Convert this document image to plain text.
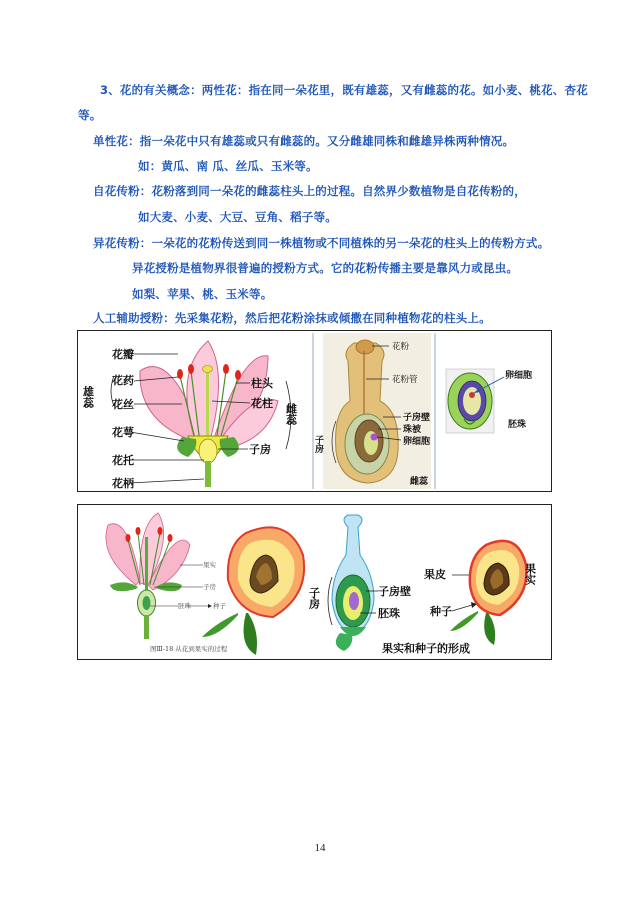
3、花的有关概念：两性花：指在同一朵花里，既有雄蕊，又有雌蕊的花。如小麦、桃花、杏花
等。
单性花：指一朵花中只有雄蕊或只有雌蕊的。又分雌雄同株和雌雄异株两种情况。
如：黄瓜、南 瓜、丝瓜、玉米等。
自花传粉：花粉落到同一朵花的雌蕊柱头上的过程。自然界少数植物是自花传粉的，
如大麦、小麦、大豆、豆角、稻子等。
异花传粉：一朵花的花粉传送到同一株植物或不同植株的另一朵花的柱头上的传粉方式。
异花授粉是植物界很普遍的授粉方式。它的花粉传播主要是靠风力或昆虫。
如梨、苹果、桃、玉米等。
人工辅助授粉：先采集花粉，然后把花粉涂抹或倾撒在同种植物花的柱头上。
花瓣
花药
花丝
花萼
花托
花柄
雄蕊
柱头
花柱
子房
雌蕊
花粉
花粉管
子房壁
珠被
卵细胞
子房
雌蕊
卵细胞
胚珠
果实
子房
胚珠	种子
图Ⅲ-18 从花到果实的过程
子房壁
胚珠
子房
果皮
种子
果实
果实和种子的形成
14
